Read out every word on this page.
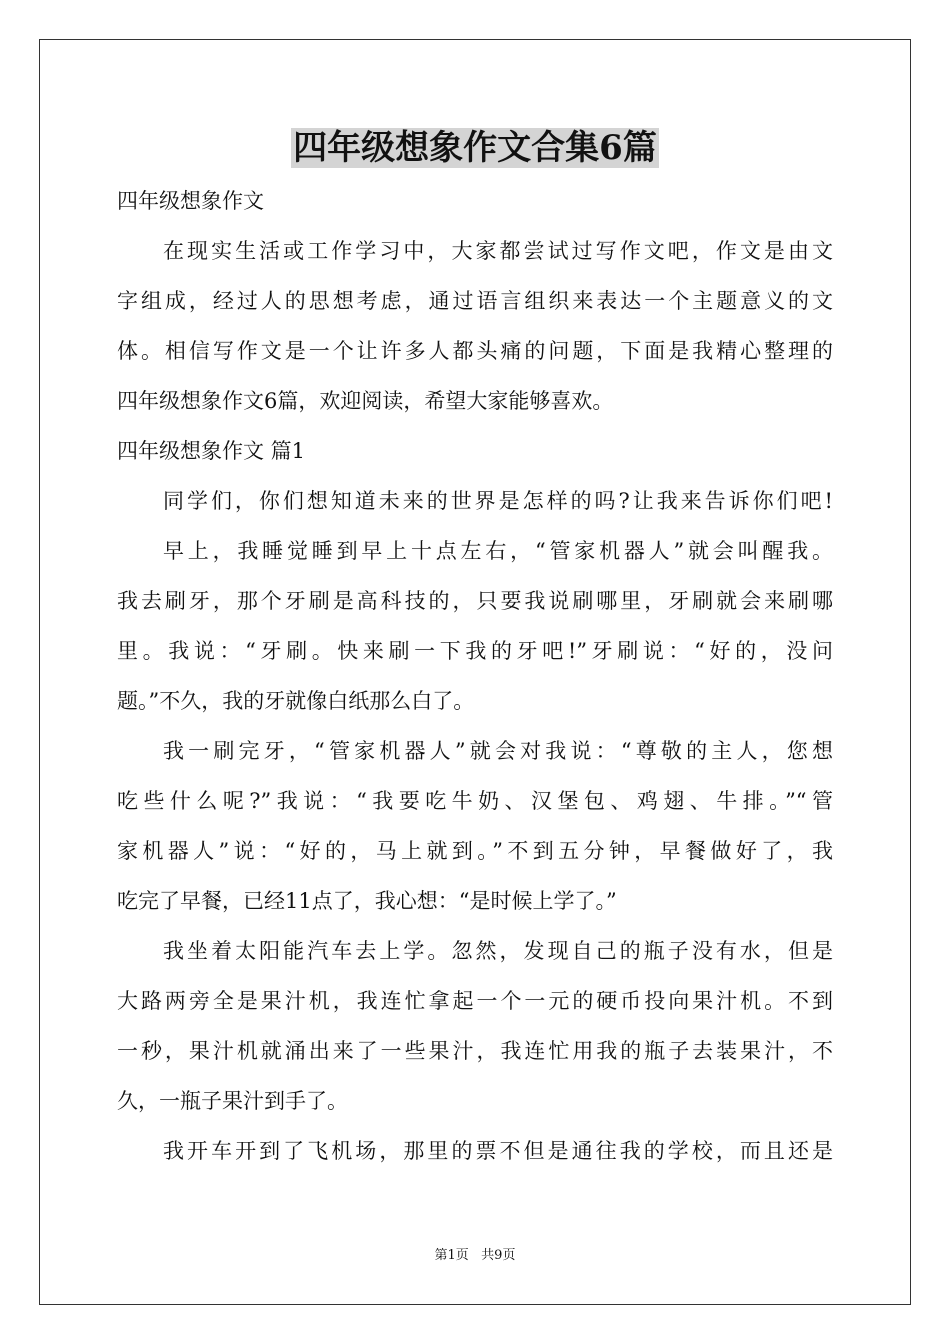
四年级想象作文合集6篇
四年级想象作文
在现实生活或工作学习中，大家都尝试过写作文吧，作文是由文
字组成，经过人的思想考虑，通过语言组织来表达一个主题意义的文
体。相信写作文是一个让许多人都头痛的问题，下面是我精心整理的
四年级想象作文6篇，欢迎阅读，希望大家能够喜欢。
四年级想象作文 篇1
同学们，你们想知道未来的世界是怎样的吗?让我来告诉你们吧!
早上，我睡觉睡到早上十点左右，“管家机器人”就会叫醒我。
我去刷牙，那个牙刷是高科技的，只要我说刷哪里，牙刷就会来刷哪
里。我说：“牙刷。快来刷一下我的牙吧!”牙刷说：“好的，没问
题。”不久，我的牙就像白纸那么白了。
我一刷完牙，“管家机器人”就会对我说：“尊敬的主人，您想
吃些什么呢?”我说：“我要吃牛奶、汉堡包、鸡翅、牛排。”“管
家机器人”说：“好的，马上就到。”不到五分钟，早餐做好了，我
吃完了早餐，已经11点了，我心想：“是时候上学了。”
我坐着太阳能汽车去上学。忽然，发现自己的瓶子没有水，但是
大路两旁全是果汁机，我连忙拿起一个一元的硬币投向果汁机。不到
一秒，果汁机就涌出来了一些果汁，我连忙用我的瓶子去装果汁，不
久，一瓶子果汁到手了。
我开车开到了飞机场，那里的票不但是通往我的学校，而且还是
第1页   共9页
